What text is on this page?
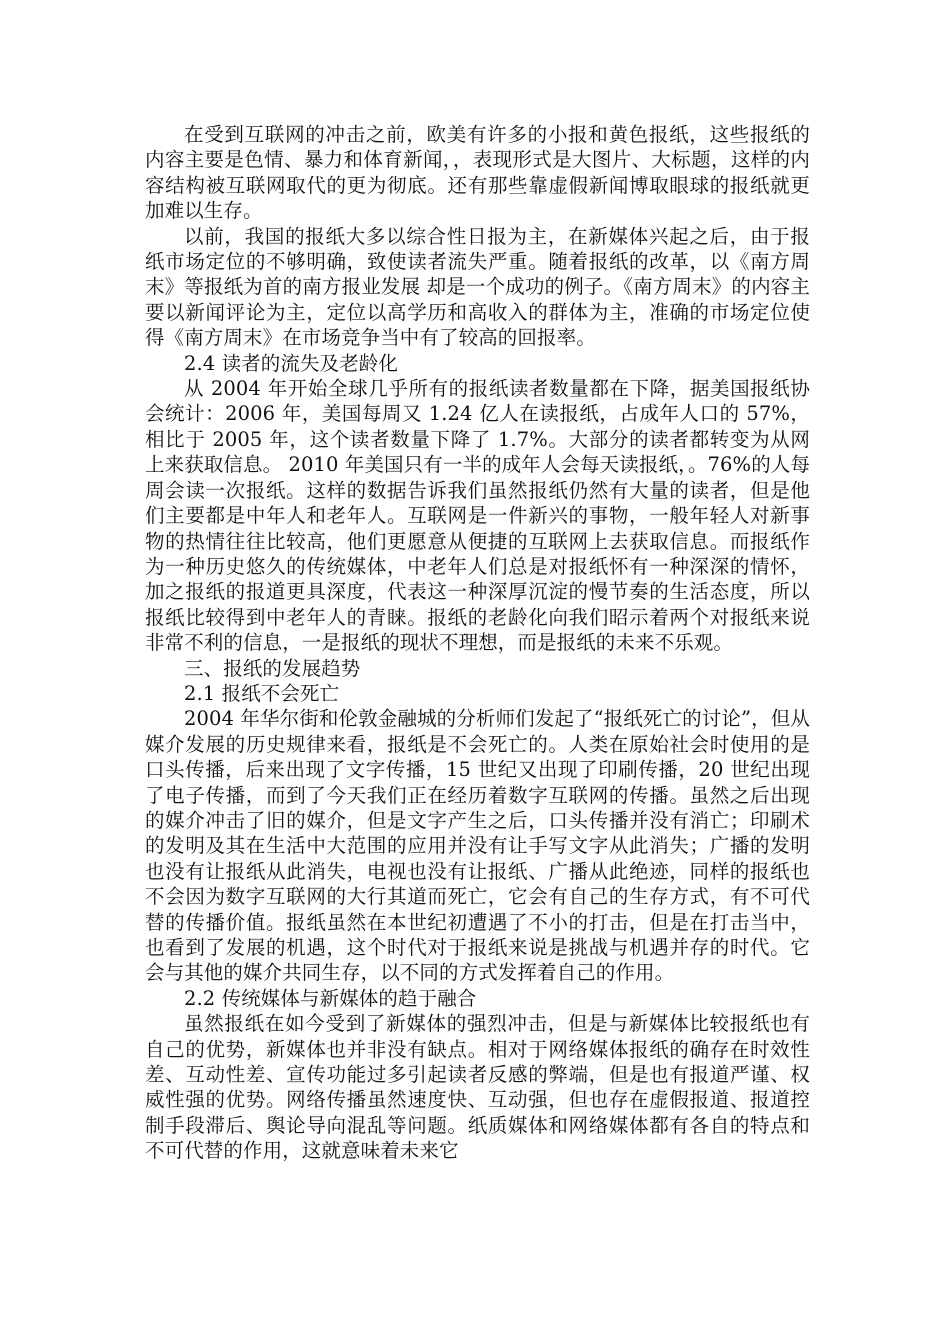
在受到互联网的冲击之前，欧美有许多的小报和黄色报纸，这些报纸的内容主要是色情、暴力和体育新闻，，表现形式是大图片、大标题，这样的内容结构被互联网取代的更为彻底。还有那些靠虚假新闻博取眼球的报纸就更加难以生存。

以前，我国的报纸大多以综合性日报为主，在新媒体兴起之后，由于报纸市场定位的不够明确，致使读者流失严重。随着报纸的改革，以《南方周末》等报纸为首的南方报业发展 却是一个成功的例子。《南方周末》的内容主要以新闻评论为主，定位以高学历和高收入的群体为主，准确的市场定位使得《南方周末》在市场竞争当中有了较高的回报率。

2.4 读者的流失及老龄化

从 2004 年开始全球几乎所有的报纸读者数量都在下降，据美国报纸协会统计：2006 年，美国每周又 1.24 亿人在读报纸，占成年人口的 57%，相比于 2005 年，这个读者数量下降了 1.7%。大部分的读者都转变为从网上来获取信息。 2010 年美国只有一半的成年人会每天读报纸，。76%的人每周会读一次报纸。这样的数据告诉我们虽然报纸仍然有大量的读者，但是他们主要都是中年人和老年人。互联网是一件新兴的事物，一般年轻人对新事物的热情往往比较高，他们更愿意从便捷的互联网上去获取信息。而报纸作为一种历史悠久的传统媒体，中老年人们总是对报纸怀有一种深深的情怀，加之报纸的报道更具深度，代表这一种深厚沉淀的慢节奏的生活态度，所以报纸比较得到中老年人的青睐。报纸的老龄化向我们昭示着两个对报纸来说非常不利的信息，一是报纸的现状不理想，而是报纸的未来不乐观。

三、报纸的发展趋势

2.1 报纸不会死亡

2004 年华尔街和伦敦金融城的分析师们发起了“报纸死亡的讨论”，但从媒介发展的历史规律来看，报纸是不会死亡的。人类在原始社会时使用的是口头传播，后来出现了文字传播，15 世纪又出现了印刷传播，20 世纪出现了电子传播，而到了今天我们正在经历着数字互联网的传播。虽然之后出现的媒介冲击了旧的媒介，但是文字产生之后，口头传播并没有消亡；印刷术的发明及其在生活中大范围的应用并没有让手写文字从此消失；广播的发明也没有让报纸从此消失，电视也没有让报纸、广播从此绝迹，同样的报纸也不会因为数字互联网的大行其道而死亡，它会有自己的生存方式，有不可代替的传播价值。报纸虽然在本世纪初遭遇了不小的打击，但是在打击当中，也看到了发展的机遇，这个时代对于报纸来说是挑战与机遇并存的时代。它会与其他的媒介共同生存，以不同的方式发挥着自己的作用。

2.2 传统媒体与新媒体的趋于融合

虽然报纸在如今受到了新媒体的强烈冲击，但是与新媒体比较报纸也有自己的优势，新媒体也并非没有缺点。相对于网络媒体报纸的确存在时效性差、互动性差、宣传功能过多引起读者反感的弊端，但是也有报道严谨、权威性强的优势。网络传播虽然速度快、互动强，但也存在虚假报道、报道控制手段滞后、舆论导向混乱等问题。纸质媒体和网络媒体都有各自的特点和不可代替的作用，这就意味着未来它
